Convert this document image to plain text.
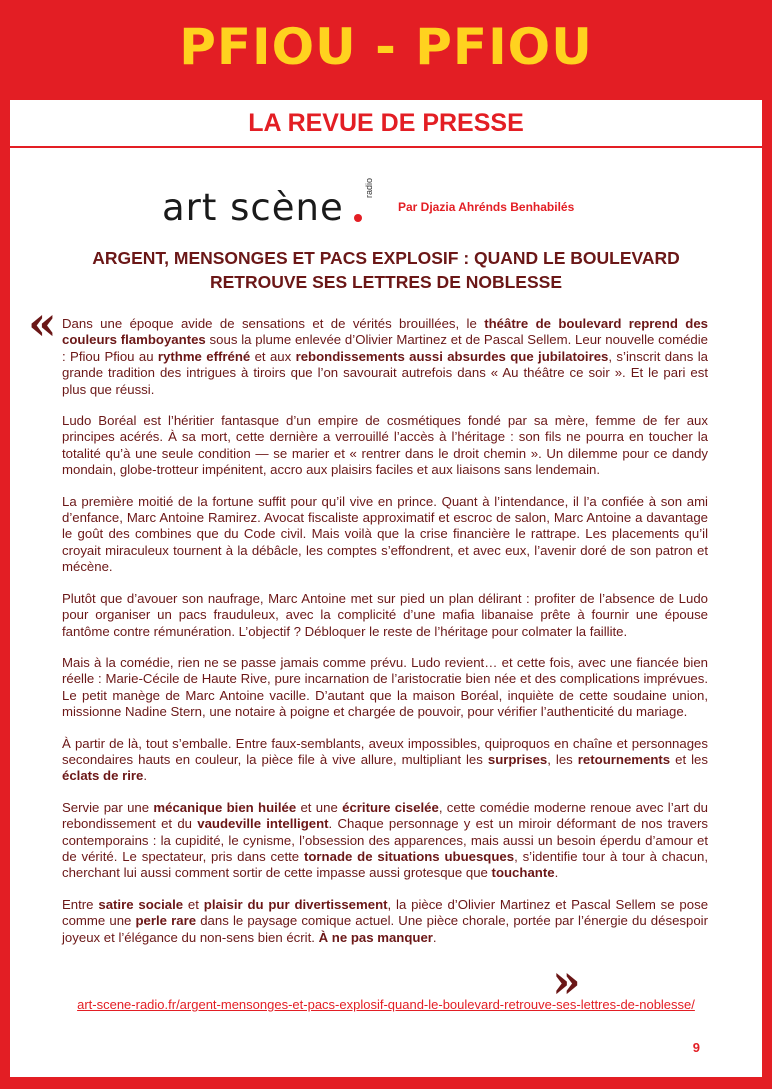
PFIOU - PFIOU
LA REVUE DE PRESSE
art scène radio
Par Djazia Ahrénds Benhabilés
ARGENT, MENSONGES ET PACS EXPLOSIF : QUAND LE BOULEVARD RETROUVE SES LETTRES DE NOBLESSE
« Dans une époque avide de sensations et de vérités brouillées, le théâtre de boulevard reprend des couleurs flamboyantes sous la plume enlevée d’Olivier Martinez et de Pascal Sellem. Leur nouvelle comédie : Pfiou Pfiou au rythme effréné et aux rebondissements aussi absurdes que jubilatoires, s’inscrit dans la grande tradition des intrigues à tiroirs que l’on savourait autrefois dans « Au théâtre ce soir ». Et le pari est plus que réussi.

Ludo Boréal est l’héritier fantasque d’un empire de cosmétiques fondé par sa mère, femme de fer aux principes acérés. À sa mort, cette dernière a verrouillé l’accès à l’héritage : son fils ne pourra en toucher la totalité qu’à une seule condition — se marier et « rentrer dans le droit chemin ». Un dilemme pour ce dandy mondain, globe-trotteur impénitent, accro aux plaisirs faciles et aux liaisons sans lendemain.

La première moitié de la fortune suffit pour qu’il vive en prince. Quant à l’intendance, il l’a confiée à son ami d’enfance, Marc Antoine Ramirez. Avocat fiscaliste approximatif et escroc de salon, Marc Antoine a davantage le goût des combines que du Code civil. Mais voilà que la crise financière le rattrape. Les placements qu’il croyait miraculeux tournent à la débâcle, les comptes s’effondrent, et avec eux, l’avenir doré de son patron et mécène.

Plutôt que d’avouer son naufrage, Marc Antoine met sur pied un plan délirant : profiter de l’absence de Ludo pour organiser un pacs frauduleux, avec la complicité d’une mafia libanaise prête à fournir une épouse fantôme contre rémunération. L’objectif ? Débloquer le reste de l’héritage pour colmater la faillite.

Mais à la comédie, rien ne se passe jamais comme prévu. Ludo revient… et cette fois, avec une fiancée bien réelle : Marie-Cécile de Haute Rive, pure incarnation de l’aristocratie bien née et des complications imprévues. Le petit manège de Marc Antoine vacille. D’autant que la maison Boréal, inquiète de cette soudaine union, missionne Nadine Stern, une notaire à poigne et chargée de pouvoir, pour vérifier l’authenticité du mariage.

À partir de là, tout s’emballe. Entre faux-semblants, aveux impossibles, quiproquos en chaîne et personnages secondaires hauts en couleur, la pièce file à vive allure, multipliant les surprises, les retournements et les éclats de rire.

Servie par une mécanique bien huilée et une écriture ciselée, cette comédie moderne renoue avec l’art du rebondissement et du vaudeville intelligent. Chaque personnage y est un miroir déformant de nos travers contemporains : la cupidité, le cynisme, l’obsession des apparences, mais aussi un besoin éperdu d’amour et de vérité. Le spectateur, pris dans cette tornade de situations ubuesques, s’identifie tour à tour à chacun, cherchant lui aussi comment sortir de cette impasse aussi grotesque que touchante.

Entre satire sociale et plaisir du pur divertissement, la pièce d’Olivier Martinez et Pascal Sellem se pose comme une perle rare dans le paysage comique actuel. Une pièce chorale, portée par l’énergie du désespoir joyeux et l’élégance du non-sens bien écrit. À ne pas manquer.

»
art-scene-radio.fr/argent-mensonges-et-pacs-explosif-quand-le-boulevard-retrouve-ses-lettres-de-noblesse/
9
